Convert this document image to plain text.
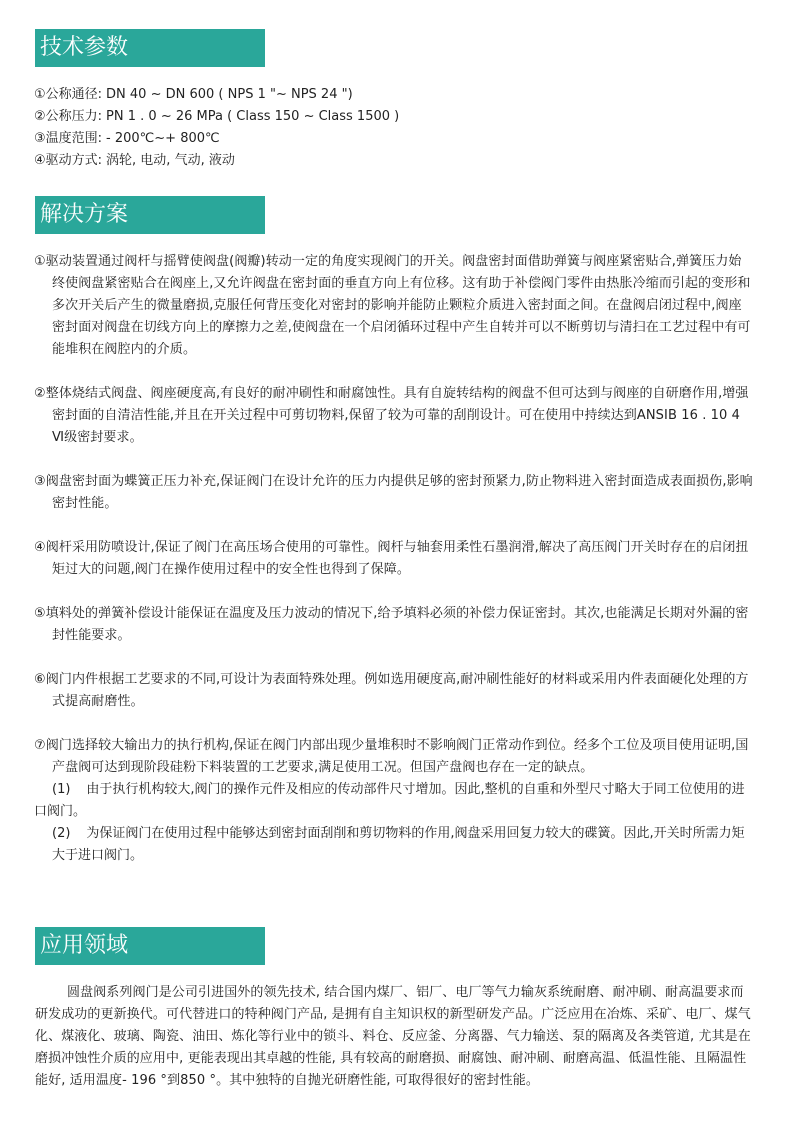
技术参数
①公称通径: DN 40 ~ DN 600 ( NPS 1 "~ NPS 24 ")
②公称压力: PN 1 . 0 ~ 26 MPa ( Class 150 ~ Class 1500 )
③温度范围: - 200℃~+ 800℃
④驱动方式: 涡轮, 电动, 气动, 液动
解决方案
①驱动装置通过阀杆与摇臂使阀盘(阀瓣)转动一定的角度实现阀门的开关。阀盘密封面借助弹簧与阀座紧密贴合,弹簧压力始终使阀盘紧密贴合在阀座上,又允许阀盘在密封面的垂直方向上有位移。这有助于补偿阀门零件由热胀冷缩而引起的变形和多次开关后产生的微量磨损,克服任何背压变化对密封的影响并能防止颗粒介质进入密封面之间。在盘阀启闭过程中,阀座密封面对阀盘在切线方向上的摩擦力之差,使阀盘在一个启闭循环过程中产生自转并可以不断剪切与清扫在工艺过程中有可能堆积在阀腔内的介质。
②整体烧结式阀盘、阀座硬度高,有良好的耐冲刷性和耐腐蚀性。具有自旋转结构的阀盘不但可达到与阀座的自研磨作用,增强密封面的自清洁性能,并且在开关过程中可剪切物料,保留了较为可靠的刮削设计。可在使用中持续达到ANSIB 16 . 10 4 Ⅵ级密封要求。
③阀盘密封面为蝶簧正压力补充,保证阀门在设计允许的压力内提供足够的密封预紧力,防止物料进入密封面造成表面损伤,影响密封性能。
④阀杆采用防喷设计,保证了阀门在高压场合使用的可靠性。阀杆与轴套用柔性石墨润滑,解决了高压阀门开关时存在的启闭扭矩过大的问题,阀门在操作使用过程中的安全性也得到了保障。
⑤填料处的弹簧补偿设计能保证在温度及压力波动的情况下,给予填料必须的补偿力保证密封。其次,也能满足长期对外漏的密封性能要求。
⑥阀门内件根据工艺要求的不同,可设计为表面特殊处理。例如选用硬度高,耐冲刷性能好的材料或采用内件表面硬化处理的方式提高耐磨性。
⑦阀门选择较大输出力的执行机构,保证在阀门内部出现少量堆积时不影响阀门正常动作到位。经多个工位及项目使用证明,国产盘阀可达到现阶段硅粉下料装置的工艺要求,满足使用工况。但国产盘阀也存在一定的缺点。
(1) 由于执行机构较大,阀门的操作元件及相应的传动部件尺寸增加。因此,整机的自重和外型尺寸略大于同工位使用的进口阀门。
(2) 为保证阀门在使用过程中能够达到密封面刮削和剪切物料的作用,阀盘采用回复力较大的碟簧。因此,开关时所需力矩大于进口阀门。
应用领域
圆盘阀系列阀门是公司引进国外的领先技术, 结合国内煤厂、铝厂、电厂等气力输灰系统耐磨、耐冲刷、耐高温要求而研发成功的更新换代。可代替进口的特种阀门产品, 是拥有自主知识权的新型研发产品。广泛应用在冶炼、采矿、电厂、煤气化、煤液化、玻璃、陶瓷、油田、炼化等行业中的锁斗、料仓、反应釜、分离器、气力输送、泵的隔离及各类管道, 尤其是在磨损冲蚀性介质的应用中, 更能表现出其卓越的性能, 具有较高的耐磨损、耐腐蚀、耐冲刷、耐磨高温、低温性能、且隔温性能好, 适用温度- 196 °到850 °。其中独特的自抛光研磨性能, 可取得很好的密封性能。
